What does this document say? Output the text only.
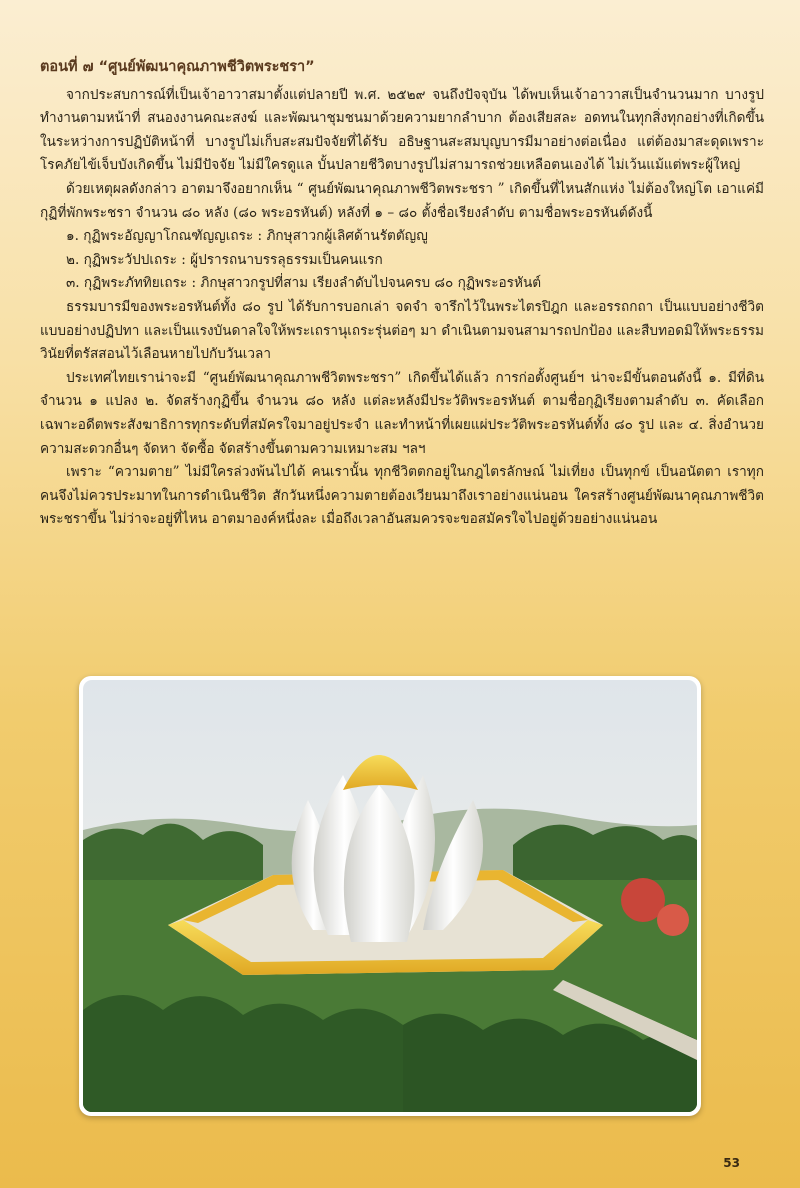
ตอนที่ ๗ “ศูนย์พัฒนาคุณภาพชีวิตพระชรา”

จากประสบการณ์ที่เป็นเจ้าอาวาสมาตั้งแต่ปลายปี พ.ศ. ๒๕๒๙ จนถึงปัจจุบัน ได้พบเห็นเจ้าอาวาสเป็นจำนวนมาก บางรูปทำงานตามหน้าที่ สนองงานคณะสงฆ์ และพัฒนาชุมชนมาด้วยความยากลำบาก ต้องเสียสละ อดทนในทุกสิ่งทุกอย่างที่เกิดขึ้น ในระหว่างการปฏิบัติหน้าที่ บางรูปไม่เก็บสะสมปัจจัยที่ได้รับ อธิษฐานสะสมบุญบารมีมาอย่างต่อเนื่อง แต่ต้องมาสะดุดเพราะโรคภัยไข้เจ็บบังเกิดขึ้น ไม่มีปัจจัย ไม่มีใครดูแล บั้นปลายชีวิตบางรูปไม่สามารถช่วยเหลือตนเองได้ ไม่เว้นแม้แต่พระผู้ใหญ่

ด้วยเหตุผลดังกล่าว อาตมาจึงอยากเห็น “ ศูนย์พัฒนาคุณภาพชีวิตพระชรา ” เกิดขึ้นที่ไหนสักแห่ง ไม่ต้องใหญ่โต เอาแค่มีกุฏิที่พักพระชรา จำนวน ๘๐ หลัง (๘๐ พระอรหันต์) หลังที่ ๑ – ๘๐ ตั้งชื่อเรียงลำดับ ตามชื่อพระอรหันต์ดังนี้

๑. กุฏิพระอัญญาโกณฑัญญเถระ : ภิกษุสาวกผู้เลิศด้านรัตตัญญู
๒. กุฏิพระวัปปเถระ : ผู้ปรารถนาบรรลุธรรมเป็นคนแรก
๓. กุฏิพระภัททิยเถระ : ภิกษุสาวกรูปที่สาม เรียงลำดับไปจนครบ ๘๐ กุฏิพระอรหันต์

ธรรมบารมีของพระอรหันต์ทั้ง ๘๐ รูป ได้รับการบอกเล่า จดจำ จารึกไว้ในพระไตรปิฎก และอรรถกถา เป็นแบบอย่างชีวิต แบบอย่างปฏิปทา และเป็นแรงบันดาลใจให้พระเถรานุเถระรุ่นต่อๆ มา ดำเนินตามจนสามารถปกป้อง และสืบทอดมิให้พระธรรมวินัยที่ตรัสสอนไว้เลือนหายไปกับวันเวลา

ประเทศไทยเราน่าจะมี “ศูนย์พัฒนาคุณภาพชีวิตพระชรา” เกิดขึ้นได้แล้ว การก่อตั้งศูนย์ฯ น่าจะมีขั้นตอนดังนี้ ๑. มีที่ดิน จำนวน ๑ แปลง ๒. จัดสร้างกุฏิขึ้น จำนวน ๘๐ หลัง แต่ละหลังมีประวัติพระอรหันต์ ตามชื่อกุฏิเรียงตามลำดับ ๓. คัดเลือกเฉพาะอดีตพระสังฆาธิการทุกระดับที่สมัครใจมาอยู่ประจำ และทำหน้าที่เผยแผ่ประวัติพระอรหันต์ทั้ง ๘๐ รูป และ ๔. สิ่งอำนวยความสะดวกอื่นๆ จัดหา จัดซื้อ จัดสร้างขึ้นตามความเหมาะสม ฯลฯ

เพราะ “ความตาย” ไม่มีใครล่วงพ้นไปได้ คนเรานั้น ทุกชีวิตตกอยู่ในกฎไตรลักษณ์ ไม่เที่ยง เป็นทุกข์ เป็นอนัตตา เราทุกคนจึงไม่ควรประมาทในการดำเนินชีวิต สักวันหนึ่งความตายต้องเวียนมาถึงเราอย่างแน่นอน ใครสร้างศูนย์พัฒนาคุณภาพชีวิตพระชราขึ้น ไม่ว่าจะอยู่ที่ไหน อาตมาองค์หนึ่งละ เมื่อถึงเวลาอันสมควรจะขอสมัครใจไปอยู่ด้วยอย่างแน่นอน

53
